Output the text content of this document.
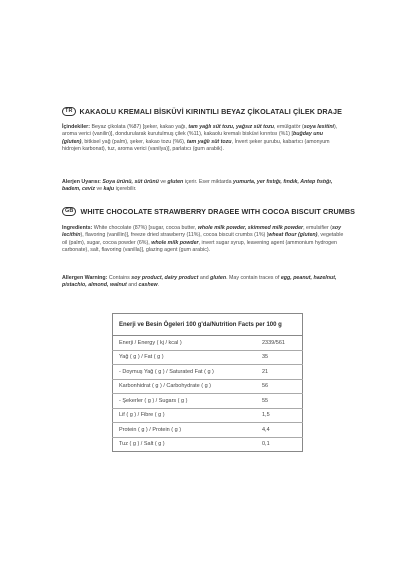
TR KAKAOLU KREMALI BİSKÜVİ KIRINTILI BEYAZ ÇİKOLATALI ÇİLEK DRAJE
İçindekiler: Beyaz çikolata (%87) [şeker, kakao yağı, tam yağlı süt tozu, yağsız süt tozu, emülgatör (soya lesitini), aroma verici (vanilin)], dondurularak kurutulmuş çilek (%11), kakaolu kremalı bisküvi kırıntısı (%1) [buğday unu (gluten), bitkisel yağ (palm), şeker, kakao tozu (%6), tam yağlı süt tozu, İnvert şeker şurubu, kabartıcı (amonyum hidrojen karbonat), tuz, aroma verici (vanilya)], parlatıcı (gum arabik).
Alerjen Uyarısı: Soya ürünü, süt ürünü ve gluten içerir. Eser miktarda yumurta, yer fıstığı, fındık, Antep fıstığı, badem, ceviz ve kaju içerebilir.
GB WHITE CHOCOLATE STRAWBERRY DRAGEE WITH COCOA BISCUIT CRUMBS
Ingredients: White chocolate (87%) [sugar, cocoa butter, whole milk powder, skimmed milk powder, emulsifier (soy lecithin), flavoring (vanillin)], freeze dried strawberry (11%), cocoa biscuit crumbs (1%) [wheat flour (gluten), vegetable oil (palm), sugar, cocoa powder (6%), whole milk powder, invert sugar syrup, leavening agent (ammonium hydrogen carbonate), salt, flavoring (vanilla)], glazing agent (gum arabic).
Allergen Warning: Contains soy product, dairy product and gluten. May contain traces of egg, peanut, hazelnut, pistachio, almond, walnut and cashew.
Enerji ve Besin Ögeleri 100 g'da/Nutrition Facts per 100 g	
Enerji / Energy ( kj / kcal )	2339/561
Yağ ( g ) / Fat ( g )	35
- Doymuş Yağ ( g ) / Saturated Fat ( g )	21
Karbonhidrat ( g ) / Carbohydrate ( g )	56
- Şekerler ( g ) / Sugars ( g )	55
Lif ( g ) / Fibre ( g )	1,5
Protein ( g ) / Protein ( g )	4,4
Tuz ( g ) / Salt ( g )	0,1
